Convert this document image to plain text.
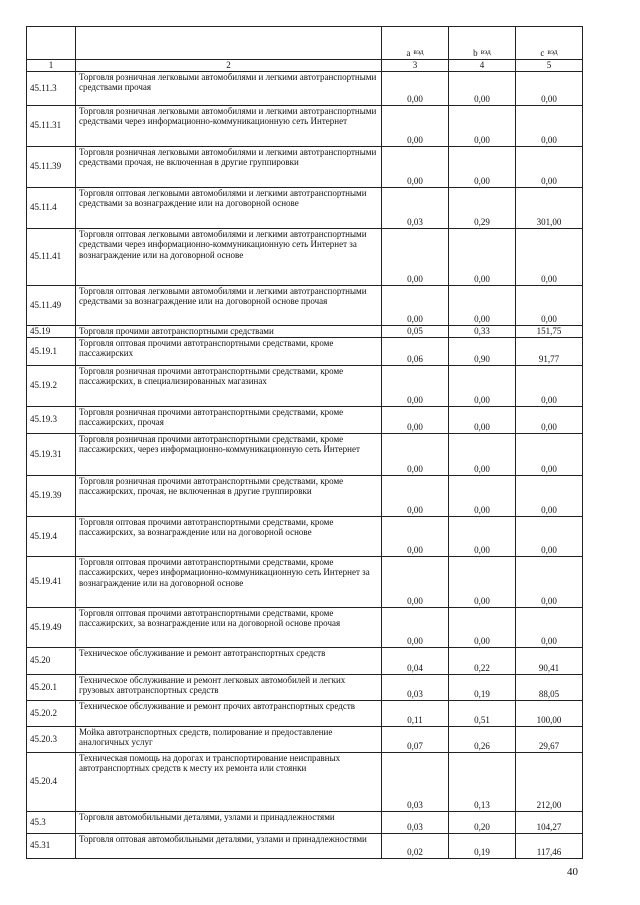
		a $_{вэд}$	b $_{вэд}$	c $_{вэд}$
1	2	3	4	5
45.11.3	Торговля розничная легковыми автомобилями и легкими автотранспортными средствами прочая	0,00	0,00	0,00
45.11.31	Торговля розничная легковыми автомобилями и легкими автотранспортными средствами через информационно-коммуникационную сеть Интернет	0,00	0,00	0,00
45.11.39	Торговля розничная легковыми автомобилями и легкими автотранспортными средствами прочая, не включенная в другие группировки	0,00	0,00	0,00
45.11.4	Торговля оптовая легковыми автомобилями и легкими автотранспортными средствами за вознаграждение или на договорной основе	0,03	0,29	301,00
45.11.41	Торговля оптовая легковыми автомобилями и легкими автотранспортными средствами через информационно-коммуникационную сеть Интернет за вознаграждение или на договорной основе	0,00	0,00	0,00
45.11.49	Торговля оптовая легковыми автомобилями и легкими автотранспортными средствами за вознаграждение или на договорной основе прочая	0,00	0,00	0,00
45.19	Торговля прочими автотранспортными средствами	0,05	0,33	151,75
45.19.1	Торговля оптовая прочими автотранспортными средствами, кроме пассажирских	0,06	0,90	91,77
45.19.2	Торговля розничная прочими автотранспортными средствами, кроме пассажирских, в специализированных магазинах	0,00	0,00	0,00
45.19.3	Торговля розничная прочими автотранспортными средствами, кроме пассажирских, прочая	0,00	0,00	0,00
45.19.31	Торговля розничная прочими автотранспортными средствами, кроме пассажирских, через информационно-коммуникационную сеть Интернет	0,00	0,00	0,00
45.19.39	Торговля розничная прочими автотранспортными средствами, кроме пассажирских, прочая, не включенная в другие группировки	0,00	0,00	0,00
45.19.4	Торговля оптовая прочими автотранспортными средствами, кроме пассажирских, за вознаграждение или на договорной основе	0,00	0,00	0,00
45.19.41	Торговля оптовая прочими автотранспортными средствами, кроме пассажирских, через информационно-коммуникационную сеть Интернет за вознаграждение или на договорной основе	0,00	0,00	0,00
45.19.49	Торговля оптовая прочими автотранспортными средствами, кроме пассажирских, за вознаграждение или на договорной основе прочая	0,00	0,00	0,00
45.20	Техническое обслуживание и ремонт автотранспортных средств	0,04	0,22	90,41
45.20.1	Техническое обслуживание и ремонт легковых автомобилей и легких грузовых автотранспортных средств	0,03	0,19	88,05
45.20.2	Техническое обслуживание и ремонт прочих автотранспортных средств	0,11	0,51	100,00
45.20.3	Мойка автотранспортных средств, полирование и предоставление аналогичных услуг	0,07	0,26	29,67
45.20.4	Техническая помощь на дорогах и транспортирование неисправных автотранспортных средств к месту их ремонта или стоянки	0,03	0,13	212,00
45.3	Торговля автомобильными деталями, узлами и принадлежностями	0,03	0,20	104,27
45.31	Торговля оптовая автомобильными деталями, узлами и принадлежностями	0,02	0,19	117,46
40
